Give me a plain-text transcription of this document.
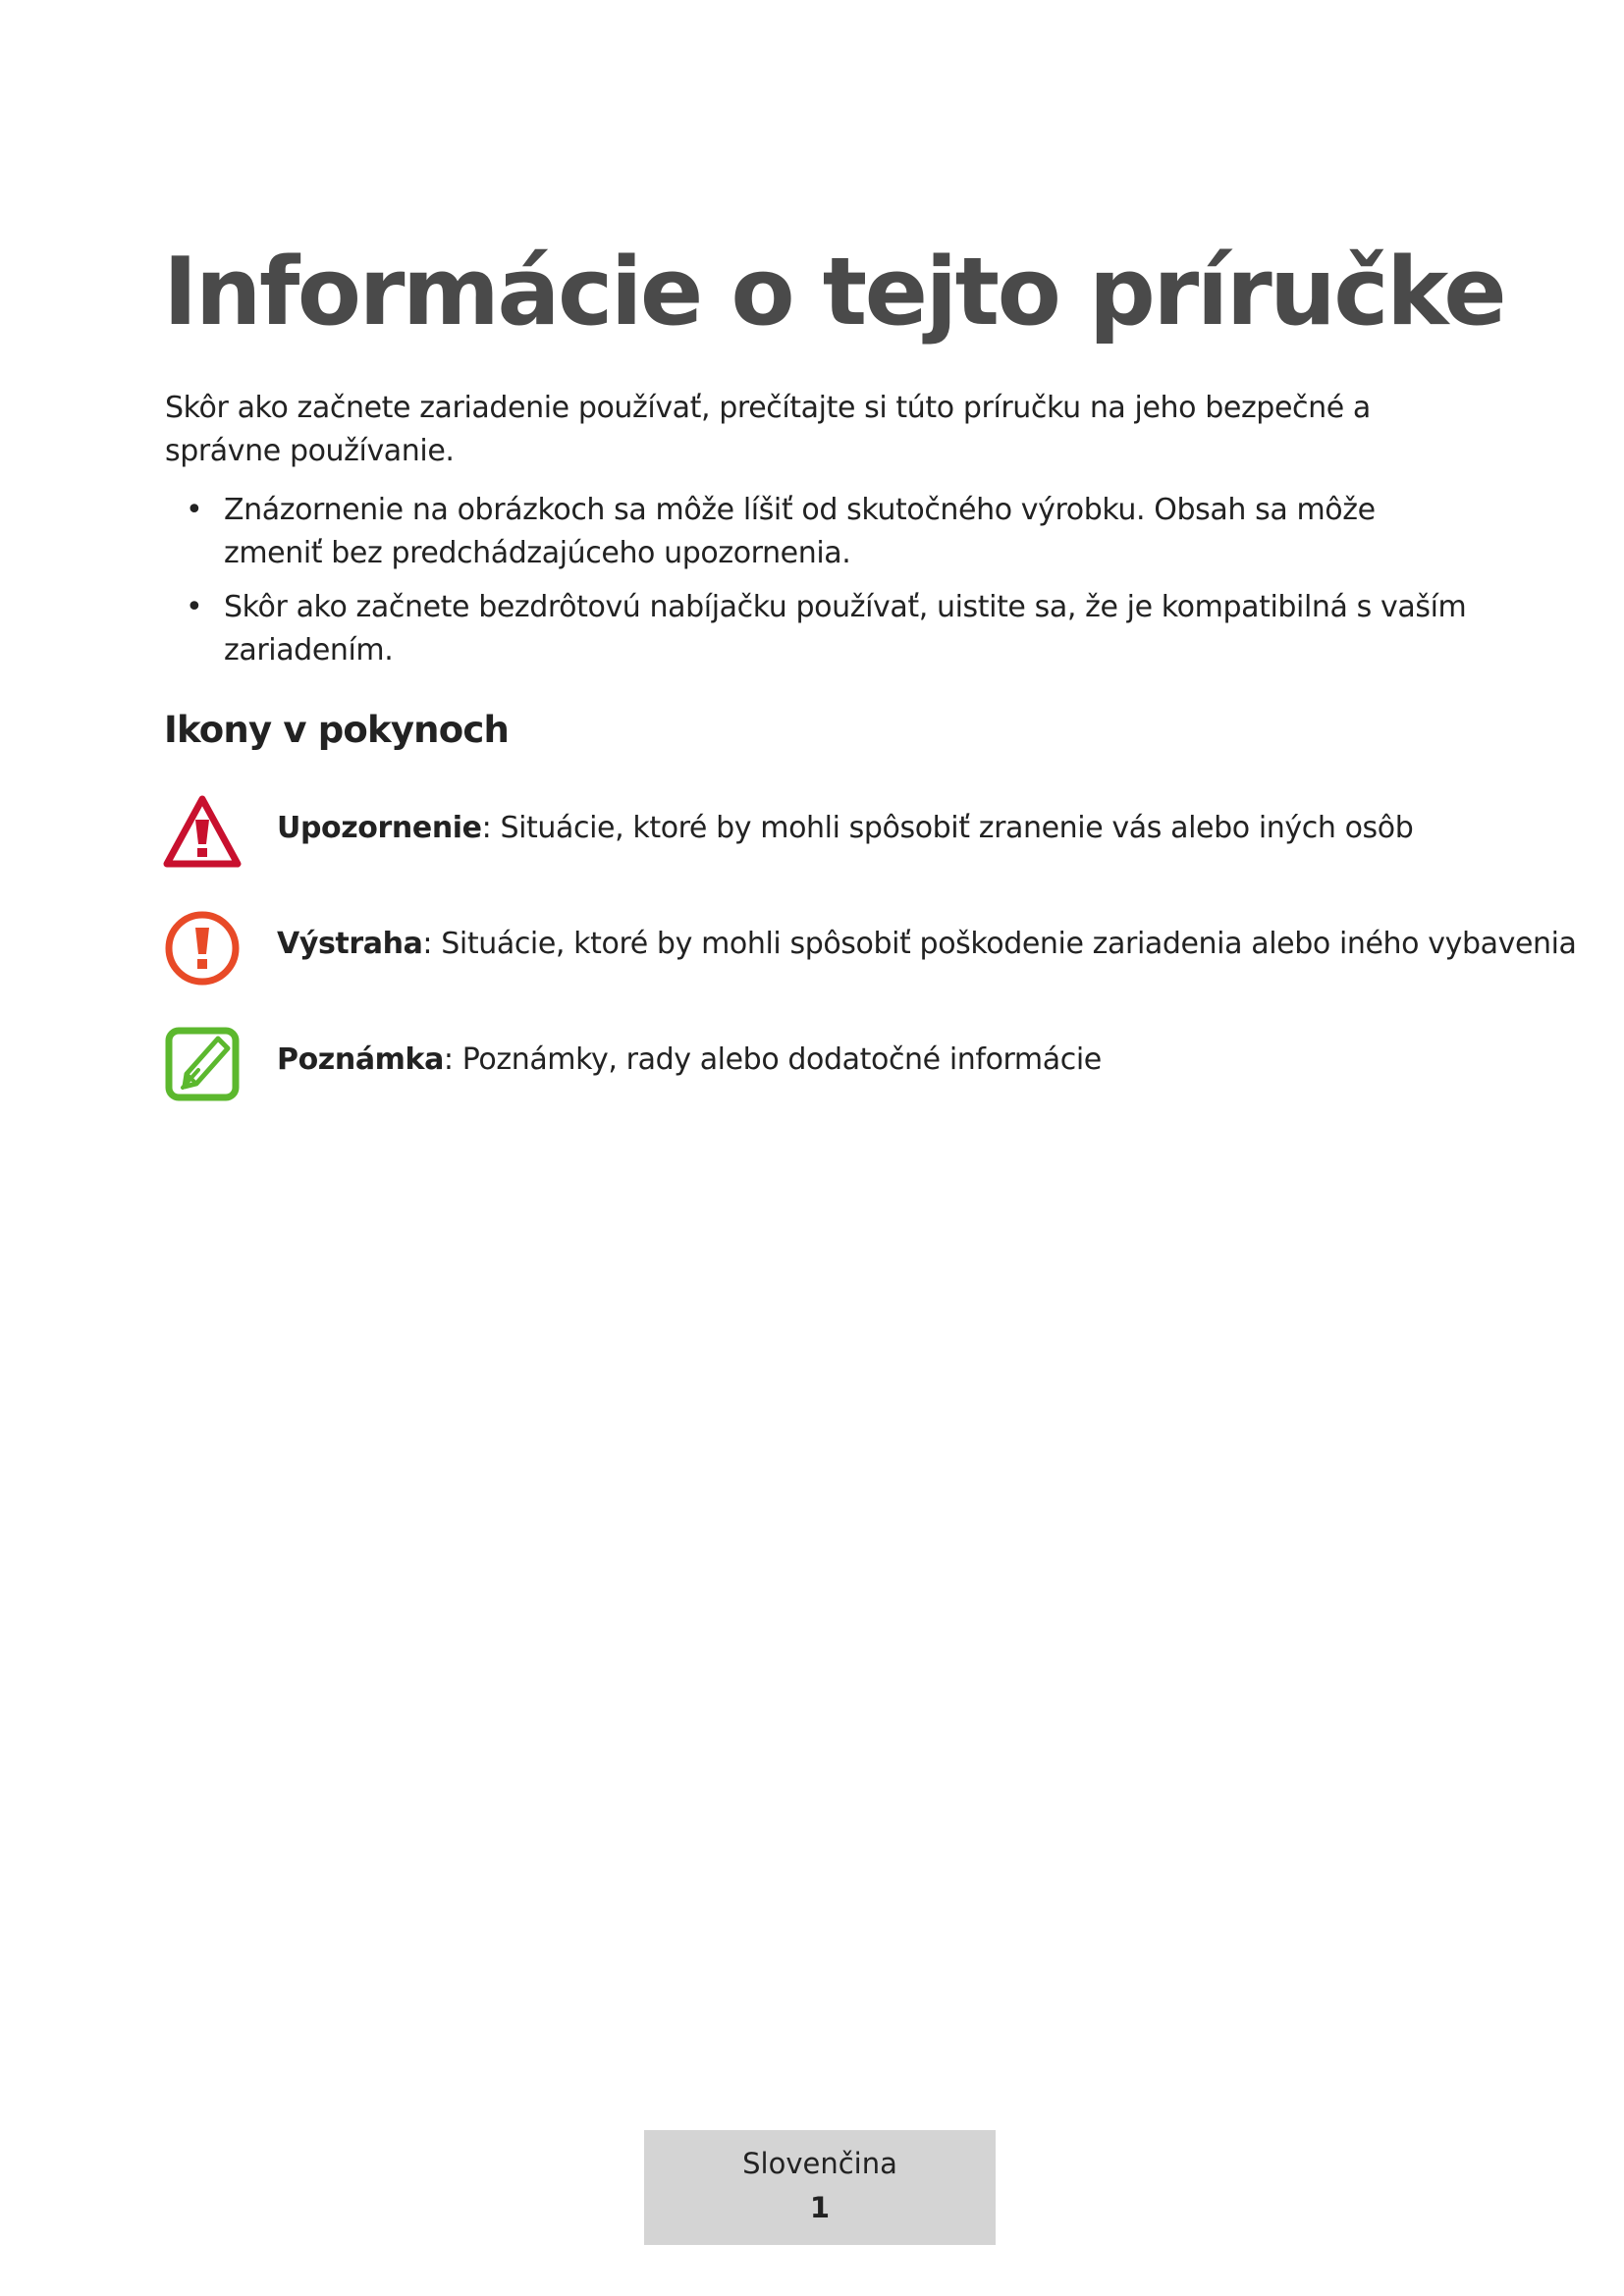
Informácie o tejto príručke

Skôr ako začnete zariadenie používať, prečítajte si túto príručku na jeho bezpečné a správne používanie.

• Znázornenie na obrázkoch sa môže líšiť od skutočného výrobku. Obsah sa môže zmeniť bez predchádzajúceho upozornenia.
• Skôr ako začnete bezdrôtovú nabíjačku používať, uistite sa, že je kompatibilná s vaším zariadením.
Ikony v pokynoch
Upozornenie: Situácie, ktoré by mohli spôsobiť zranenie vás alebo iných osôb
Výstraha: Situácie, ktoré by mohli spôsobiť poškodenie zariadenia alebo iného vybavenia
Poznámka: Poznámky, rady alebo dodatočné informácie
Slovenčina
1
